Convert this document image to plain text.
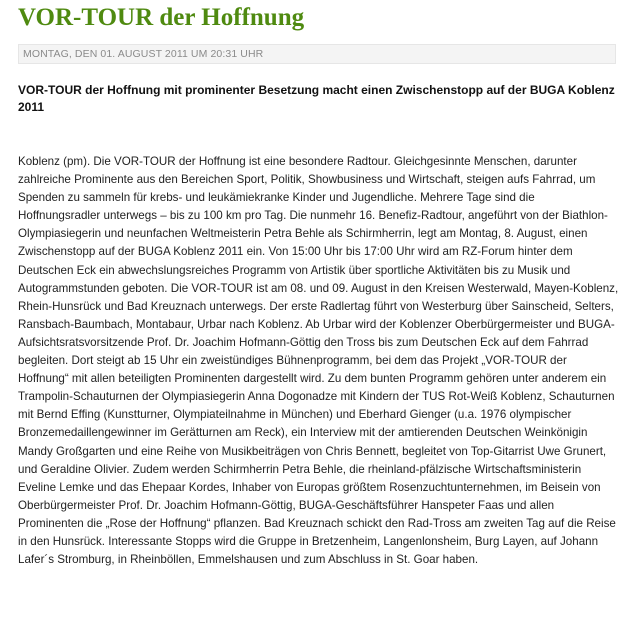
VOR-TOUR der Hoffnung
MONTAG, DEN 01. AUGUST 2011 UM 20:31 UHR

VOR-TOUR der Hoffnung mit prominenter Besetzung macht einen Zwischenstopp auf der BUGA Koblenz 2011

Koblenz (pm). Die VOR-TOUR der Hoffnung ist eine besondere Radtour. Gleichgesinnte Menschen, darunter zahlreiche Prominente aus den Bereichen Sport, Politik, Showbusiness und Wirtschaft, steigen aufs Fahrrad, um Spenden zu sammeln für krebs- und leukämiekranke Kinder und Jugendliche. Mehrere Tage sind die Hoffnungsradler unterwegs – bis zu 100 km pro Tag. Die nunmehr 16. Benefiz-Radtour, angeführt von der Biathlon-Olympiasiegerin und neunfachen Weltmeisterin Petra Behle als Schirmherrin, legt am Montag, 8. August, einen Zwischenstopp auf der BUGA Koblenz 2011 ein. Von 15:00 Uhr bis 17:00 Uhr wird am RZ-Forum hinter dem Deutschen Eck ein abwechslungsreiches Programm von Artistik über sportliche Aktivitäten bis zu Musik und Autogrammstunden geboten. Die VOR-TOUR ist am 08. und 09. August in den Kreisen Westerwald, Mayen-Koblenz, Rhein-Hunsrück und Bad Kreuznach unterwegs. Der erste Radlertag führt von Westerburg über Sainscheid, Selters, Ransbach-Baumbach, Montabaur, Urbar nach Koblenz. Ab Urbar wird der Koblenzer Oberbürgermeister und BUGA-Aufsichtsratsvorsitzende Prof. Dr. Joachim Hofmann-Göttig den Tross bis zum Deutschen Eck auf dem Fahrrad begleiten. Dort steigt ab 15 Uhr ein zweistündiges Bühnenprogramm, bei dem das Projekt „VOR-TOUR der Hoffnung“ mit allen beteiligten Prominenten dargestellt wird. Zu dem bunten Programm gehören unter anderem ein Trampolin-Schauturnen der Olympiasiegerin Anna Dogonadze mit Kindern der TUS Rot-Weiß Koblenz, Schauturnen mit Bernd Effing (Kunstturner, Olympiateilnahme in München) und Eberhard Gienger (u.a. 1976 olympischer Bronzemedaillengewinner im Gerätturnen am Reck), ein Interview mit der amtierenden Deutschen Weinkönigin Mandy Großgarten und eine Reihe von Musikbeiträgen von Chris Bennett, begleitet von Top-Gitarrist Uwe Grunert, und Geraldine Olivier. Zudem werden Schirmherrin Petra Behle, die rheinland-pfälzische Wirtschaftsministerin Eveline Lemke und das Ehepaar Kordes, Inhaber von Europas größtem Rosenzuchtunternehmen, im Beisein von Oberbürgermeister Prof. Dr. Joachim Hofmann-Göttig, BUGA-Geschäftsführer Hanspeter Faas und allen Prominenten die „Rose der Hoffnung“ pflanzen. Bad Kreuznach schickt den Rad-Tross am zweiten Tag auf die Reise in den Hunsrück. Interessante Stopps wird die Gruppe in Bretzenheim, Langenlonsheim, Burg Layen, auf Johann Lafer´s Stromburg, in Rheinböllen, Emmelshausen und zum Abschluss in St. Goar haben.
